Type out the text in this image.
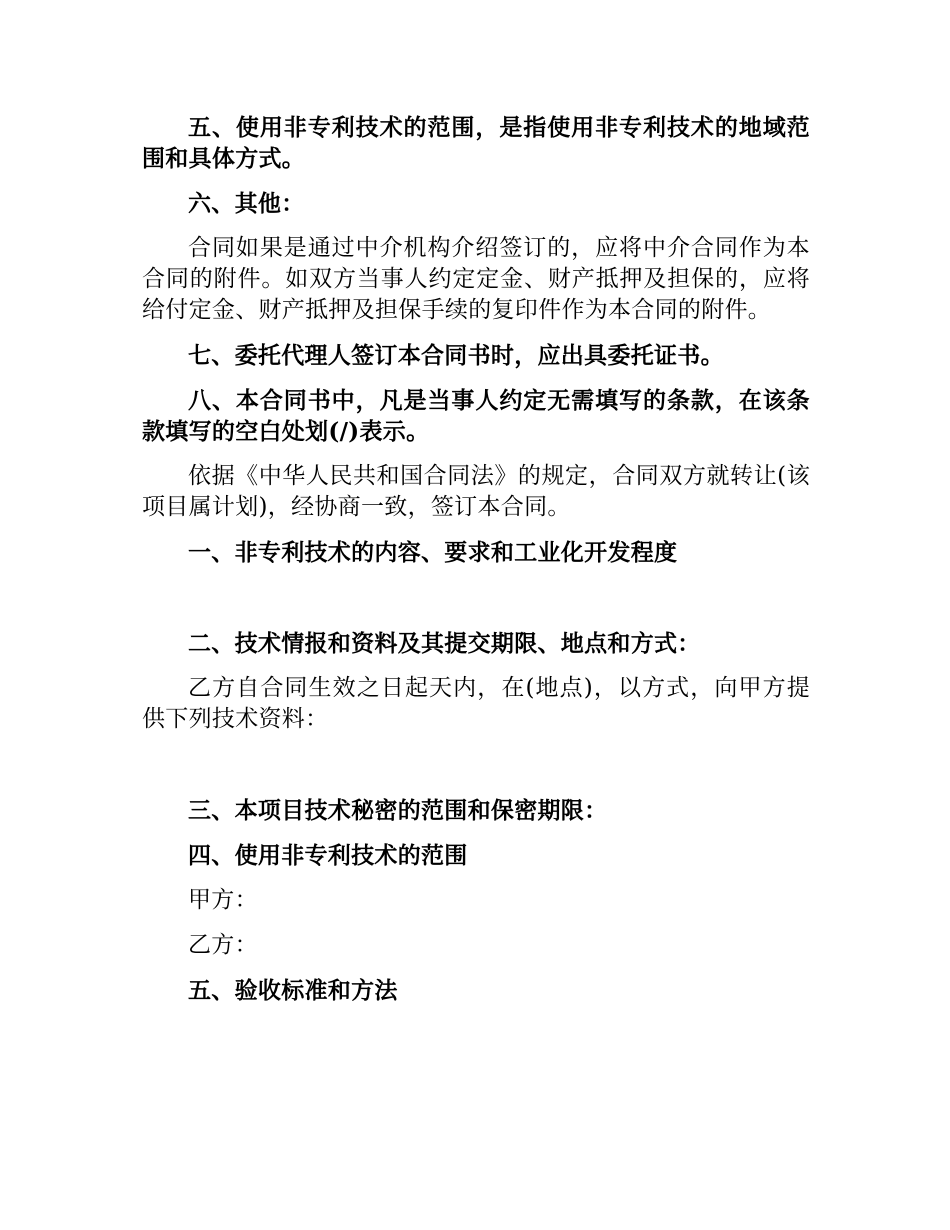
五、使用非专利技术的范围，是指使用非专利技术的地域范围和具体方式。

六、其他：

合同如果是通过中介机构介绍签订的，应将中介合同作为本合同的附件。如双方当事人约定定金、财产抵押及担保的，应将给付定金、财产抵押及担保手续的复印件作为本合同的附件。

七、委托代理人签订本合同书时，应出具委托证书。

八、本合同书中，凡是当事人约定无需填写的条款，在该条款填写的空白处划(/)表示。

依据《中华人民共和国合同法》的规定，合同双方就转让(该项目属计划)，经协商一致，签订本合同。

一、非专利技术的内容、要求和工业化开发程度

二、技术情报和资料及其提交期限、地点和方式：

乙方自合同生效之日起天内，在(地点)，以方式，向甲方提供下列技术资料：

三、本项目技术秘密的范围和保密期限：

四、使用非专利技术的范围

甲方：

乙方：

五、验收标准和方法
